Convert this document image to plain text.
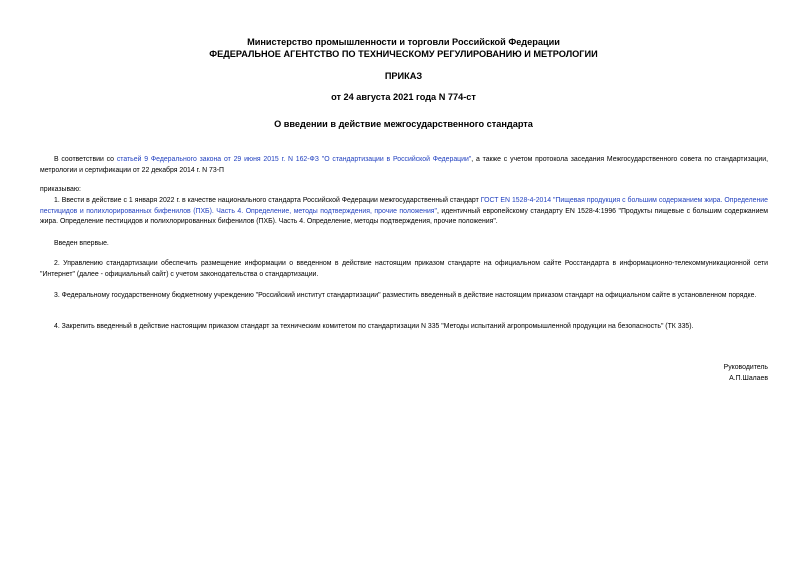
Министерство промышленности и торговли Российской Федерации
ФЕДЕРАЛЬНОЕ АГЕНТСТВО ПО ТЕХНИЧЕСКОМУ РЕГУЛИРОВАНИЮ И МЕТРОЛОГИИ
ПРИКАЗ
от 24 августа 2021 года N 774-ст
О введении в действие межгосударственного стандарта
В соответствии со статьей 9 Федерального закона от 29 июня 2015 г. N 162-ФЗ "О стандартизации в Российской Федерации", а также с учетом протокола заседания Межгосударственного совета по стандартизации, метрологии и сертификации от 22 декабря 2014 г. N 73-П
приказываю:
1. Ввести в действие с 1 января 2022 г. в качестве национального стандарта Российской Федерации межгосударственный стандарт ГОСТ EN 1528-4-2014 "Пищевая продукция с большим содержанием жира. Определение пестицидов и полихлорированных бифенилов (ПХБ). Часть 4. Определение, методы подтверждения, прочие положения", идентичный европейскому стандарту EN 1528-4:1996 "Продукты пищевые с большим содержанием жира. Определение пестицидов и полихлорированных бифенилов (ПХБ). Часть 4. Определение, методы подтверждения, прочие положения".
Введен впервые.
2. Управлению стандартизации обеспечить размещение информации о введенном в действие настоящим приказом стандарте на официальном сайте Росстандарта в информационно-телекоммуникационной сети "Интернет" (далее - официальный сайт) с учетом законодательства о стандартизации.
3. Федеральному государственному бюджетному учреждению "Российский институт стандартизации" разместить введенный в действие настоящим приказом стандарт на официальном сайте в установленном порядке.
4. Закрепить введенный в действие настоящим приказом стандарт за техническим комитетом по стандартизации N 335 "Методы испытаний агропромышленной продукции на безопасность" (ТК 335).
Руководитель
А.П.Шалаев
